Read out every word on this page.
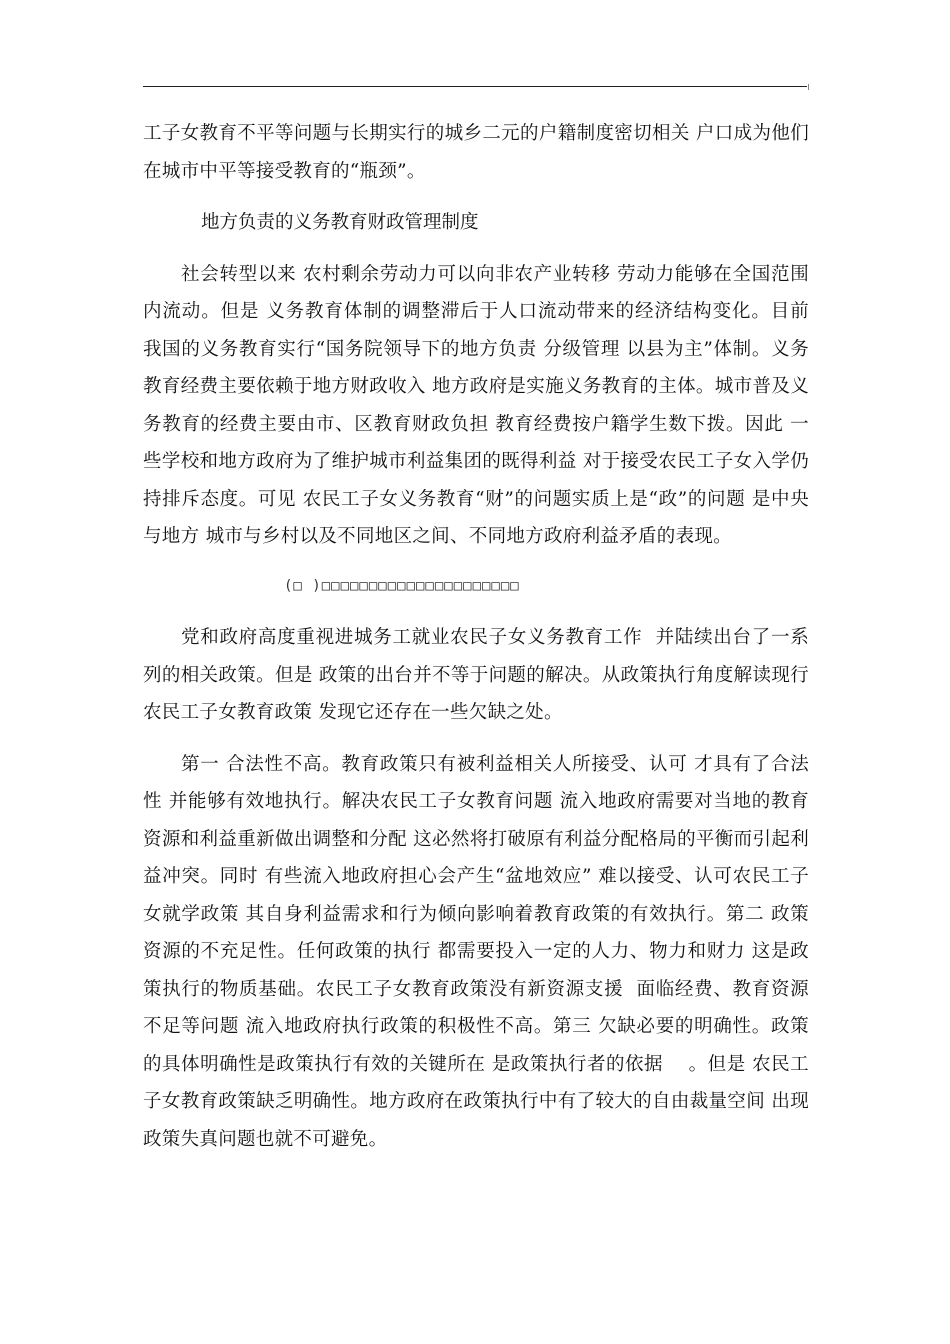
工子女教育不平等问题与长期实行的城乡二元的户籍制度密切相关 户口成为他们在城市中平等接受教育的“瓶颈”。

地方负责的义务教育财政管理制度

社会转型以来 农村剩余劳动力可以向非农产业转移 劳动力能够在全国范围内流动。但是 义务教育体制的调整滞后于人口流动带来的经济结构变化。目前 我国的义务教育实行“国务院领导下的地方负责 分级管理 以县为主”体制。义务教育经费主要依赖于地方财政收入 地方政府是实施义务教育的主体。城市普及义务教育的经费主要由市、区教育财政负担 教育经费按户籍学生数下拨。因此 一些学校和地方政府为了维护城市利益集团的既得利益 对于接受农民工子女入学仍持排斥态度。可见 农民工子女义务教育“财”的问题实质上是“政”的问题 是中央与地方 城市与乡村以及不同地区之间、不同地方政府利益矛盾的表现。

(□ )□□□□□□□□□□□□□□□□□□□□□

党和政府高度重视进城务工就业农民子女义务教育工作  并陆续出台了一系列的相关政策。但是 政策的出台并不等于问题的解决。从政策执行角度解读现行农民工子女教育政策 发现它还存在一些欠缺之处。

第一 合法性不高。教育政策只有被利益相关人所接受、认可 才具有了合法性 并能够有效地执行。解决农民工子女教育问题 流入地政府需要对当地的教育资源和利益重新做出调整和分配 这必然将打破原有利益分配格局的平衡而引起利益冲突。同时 有些流入地政府担心会产生“盆地效应” 难以接受、认可农民工子女就学政策 其自身利益需求和行为倾向影响着教育政策的有效执行。第二 政策资源的不充足性。任何政策的执行 都需要投入一定的人力、物力和财力 这是政策执行的物质基础。农民工子女教育政策没有新资源支援  面临经费、教育资源不足等问题 流入地政府执行政策的积极性不高。第三 欠缺必要的明确性。政策的具体明确性是政策执行有效的关键所在 是政策执行者的依据    。但是 农民工子女教育政策缺乏明确性。地方政府在政策执行中有了较大的自由裁量空间 出现政策失真问题也就不可避免。
